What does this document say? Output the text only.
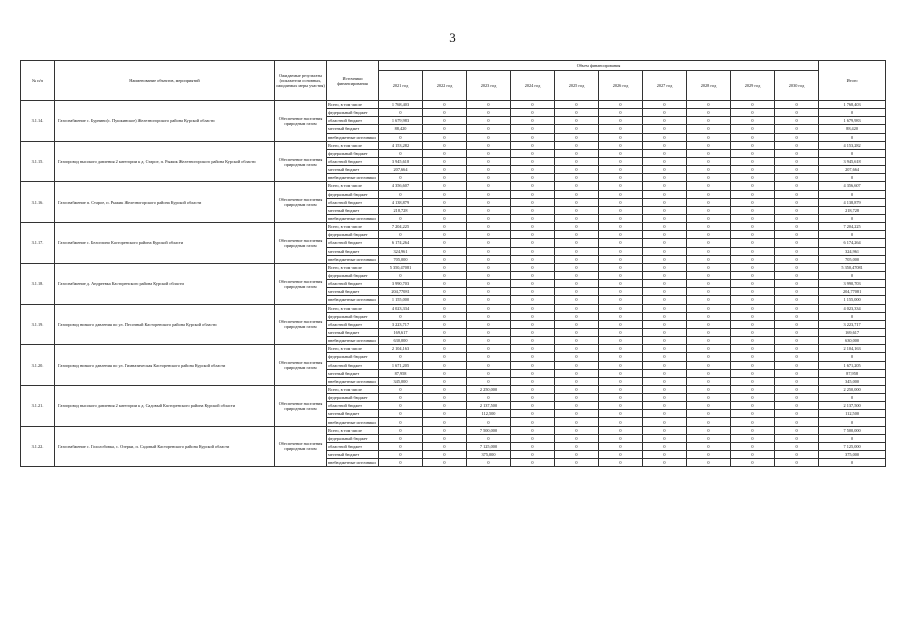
3
№ п/п	Наименование объектов, мероприятий	Ожидаемые результаты (показатели основных, ожидаемых меры участия)	Источники финансирования	Объем финансирования										Итого
				2021 год	2022 год	2023 год	2024 год	2025 год	2026 год	2027 год	2028 год	2029 год	2030 год	
3.1.14.	Газоснабжение с. Бурнино(с. Пушкинское) Железногорского района Курской области	Обеспечение населения природным газом	Всего, в том числе	1 768,403	0	0	0	0	0	0	0	0	0	1 768,403
			федеральный бюджет	0	0	0	0	0	0	0	0	0	0	0
			областной бюджет	1 679,983	0	0	0	0	0	0	0	0	0	1 679,983
			местный бюджет	88,420	0	0	0	0	0	0	0	0	0	88,420
			внебюджетные источники	0	0	0	0	0	0	0	0	0	0	0
3.1.15.	Газопровод высокого давления 2 категории к д. Старое, п. Рыжик Железногорского района Курской области	Обеспечение населения природным газом	Всего, в том числе	4 153,282	0	0	0	0	0	0	0	0	0	4 153,282
			федеральный бюджет	0	0	0	0	0	0	0	0	0	0	0
			областной бюджет	3 945,618	0	0	0	0	0	0	0	0	0	3 945,618
			местный бюджет	207,664	0	0	0	0	0	0	0	0	0	207,664
			внебюджетные источники	0	0	0	0	0	0	0	0	0	0	0
3.1.16.	Газоснабжение п. Старое, п. Рыжик Железногорского района Курской области	Обеспечение населения природным газом	Всего, в том числе	4 356,607	0	0	0	0	0	0	0	0	0	4 356,607
			федеральный бюджет	0	0	0	0	0	0	0	0	0	0	0
			областной бюджет	4 138,879	0	0	0	0	0	0	0	0	0	4 138,879
			местный бюджет	218,728	0	0	0	0	0	0	0	0	0	218,728
			внебюджетные источники	0	0	0	0	0	0	0	0	0	0	0
3.1.17.	Газоснабжение с. Белоглино Касторенского района Курской области	Обеспечение населения природным газом	Всего, в том числе	7 204,225	0	0	0	0	0	0	0	0	0	7 204,225
			федеральный бюджет	0	0	0	0	0	0	0	0	0	0	0
			областной бюджет	6 174,264	0	0	0	0	0	0	0	0	0	6 174,264
			местный бюджет	324,961	0	0	0	0	0	0	0	0	0	324,961
			внебюджетные источники	705,000	0	0	0	0	0	0	0	0	0	705,000
3.1.18.	Газоснабжение д. Андреевка Касторенского района Курской области	Обеспечение населения природным газом	Всего, в том числе	5 350,47081	0	0	0	0	0	0	0	0	0	5 350,47081
			федеральный бюджет	0	0	0	0	0	0	0	0	0	0	0
			областной бюджет	3 990,703	0	0	0	0	0	0	0	0	0	3 990,703
			местный бюджет	204,77081	0	0	0	0	0	0	0	0	0	204,77081
			внебюджетные источники	1 155,000	0	0	0	0	0	0	0	0	0	1 155,000
3.1.19.	Газопровод низкого давления по ул. Песочный Касторенского района Курской области	Обеспечение населения природным газом	Всего, в том числе	4 023,334	0	0	0	0	0	0	0	0	0	4 023,334
			федеральный бюджет	0	0	0	0	0	0	0	0	0	0	0
			областной бюджет	3 223,717	0	0	0	0	0	0	0	0	0	3 223,717
			местный бюджет	169,617	0	0	0	0	0	0	0	0	0	169,617
			внебюджетные источники	630,000	0	0	0	0	0	0	0	0	0	630,000
3.1.20.	Газопровод низкого давления по ул. Гимназическая Касторенского района Курской области	Обеспечение населения природным газом	Всего, в том числе	2 104,163	0	0	0	0	0	0	0	0	0	2 104,163
			федеральный бюджет	0	0	0	0	0	0	0	0	0	0	0
			областной бюджет	1 671,205	0	0	0	0	0	0	0	0	0	1 671,205
			местный бюджет	87,958	0	0	0	0	0	0	0	0	0	87,958
			внебюджетные источники	345,000	0	0	0	0	0	0	0	0	0	345,000
3.1.21.	Газопровод высокого давления 2 категории к д. Садовый Касторенского района Курской области	Обеспечение населения природным газом	Всего, в том числе	0	0	2 250,000	0	0	0	0	0	0	0	2 250,000
			федеральный бюджет	0	0	0	0	0	0	0	0	0	0	0
			областной бюджет	0	0	2 137,500	0	0	0	0	0	0	0	2 137,500
			местный бюджет	0	0	112,500	0	0	0	0	0	0	0	112,500
			внебюджетные источники	0	0	0	0	0	0	0	0	0	0	0
3.1.22.	Газоснабжение с. Гололобовка, с. Озерки, п. Садовый Касторенского района Курской области	Обеспечение населения природным газом	Всего, в том числе	0	0	7 500,000	0	0	0	0	0	0	0	7 500,000
			федеральный бюджет	0	0	0	0	0	0	0	0	0	0	0
			областной бюджет	0	0	7 125,000	0	0	0	0	0	0	0	7 125,000
			местный бюджет	0	0	375,000	0	0	0	0	0	0	0	375,000
			внебюджетные источники	0	0	0	0	0	0	0	0	0	0	0
